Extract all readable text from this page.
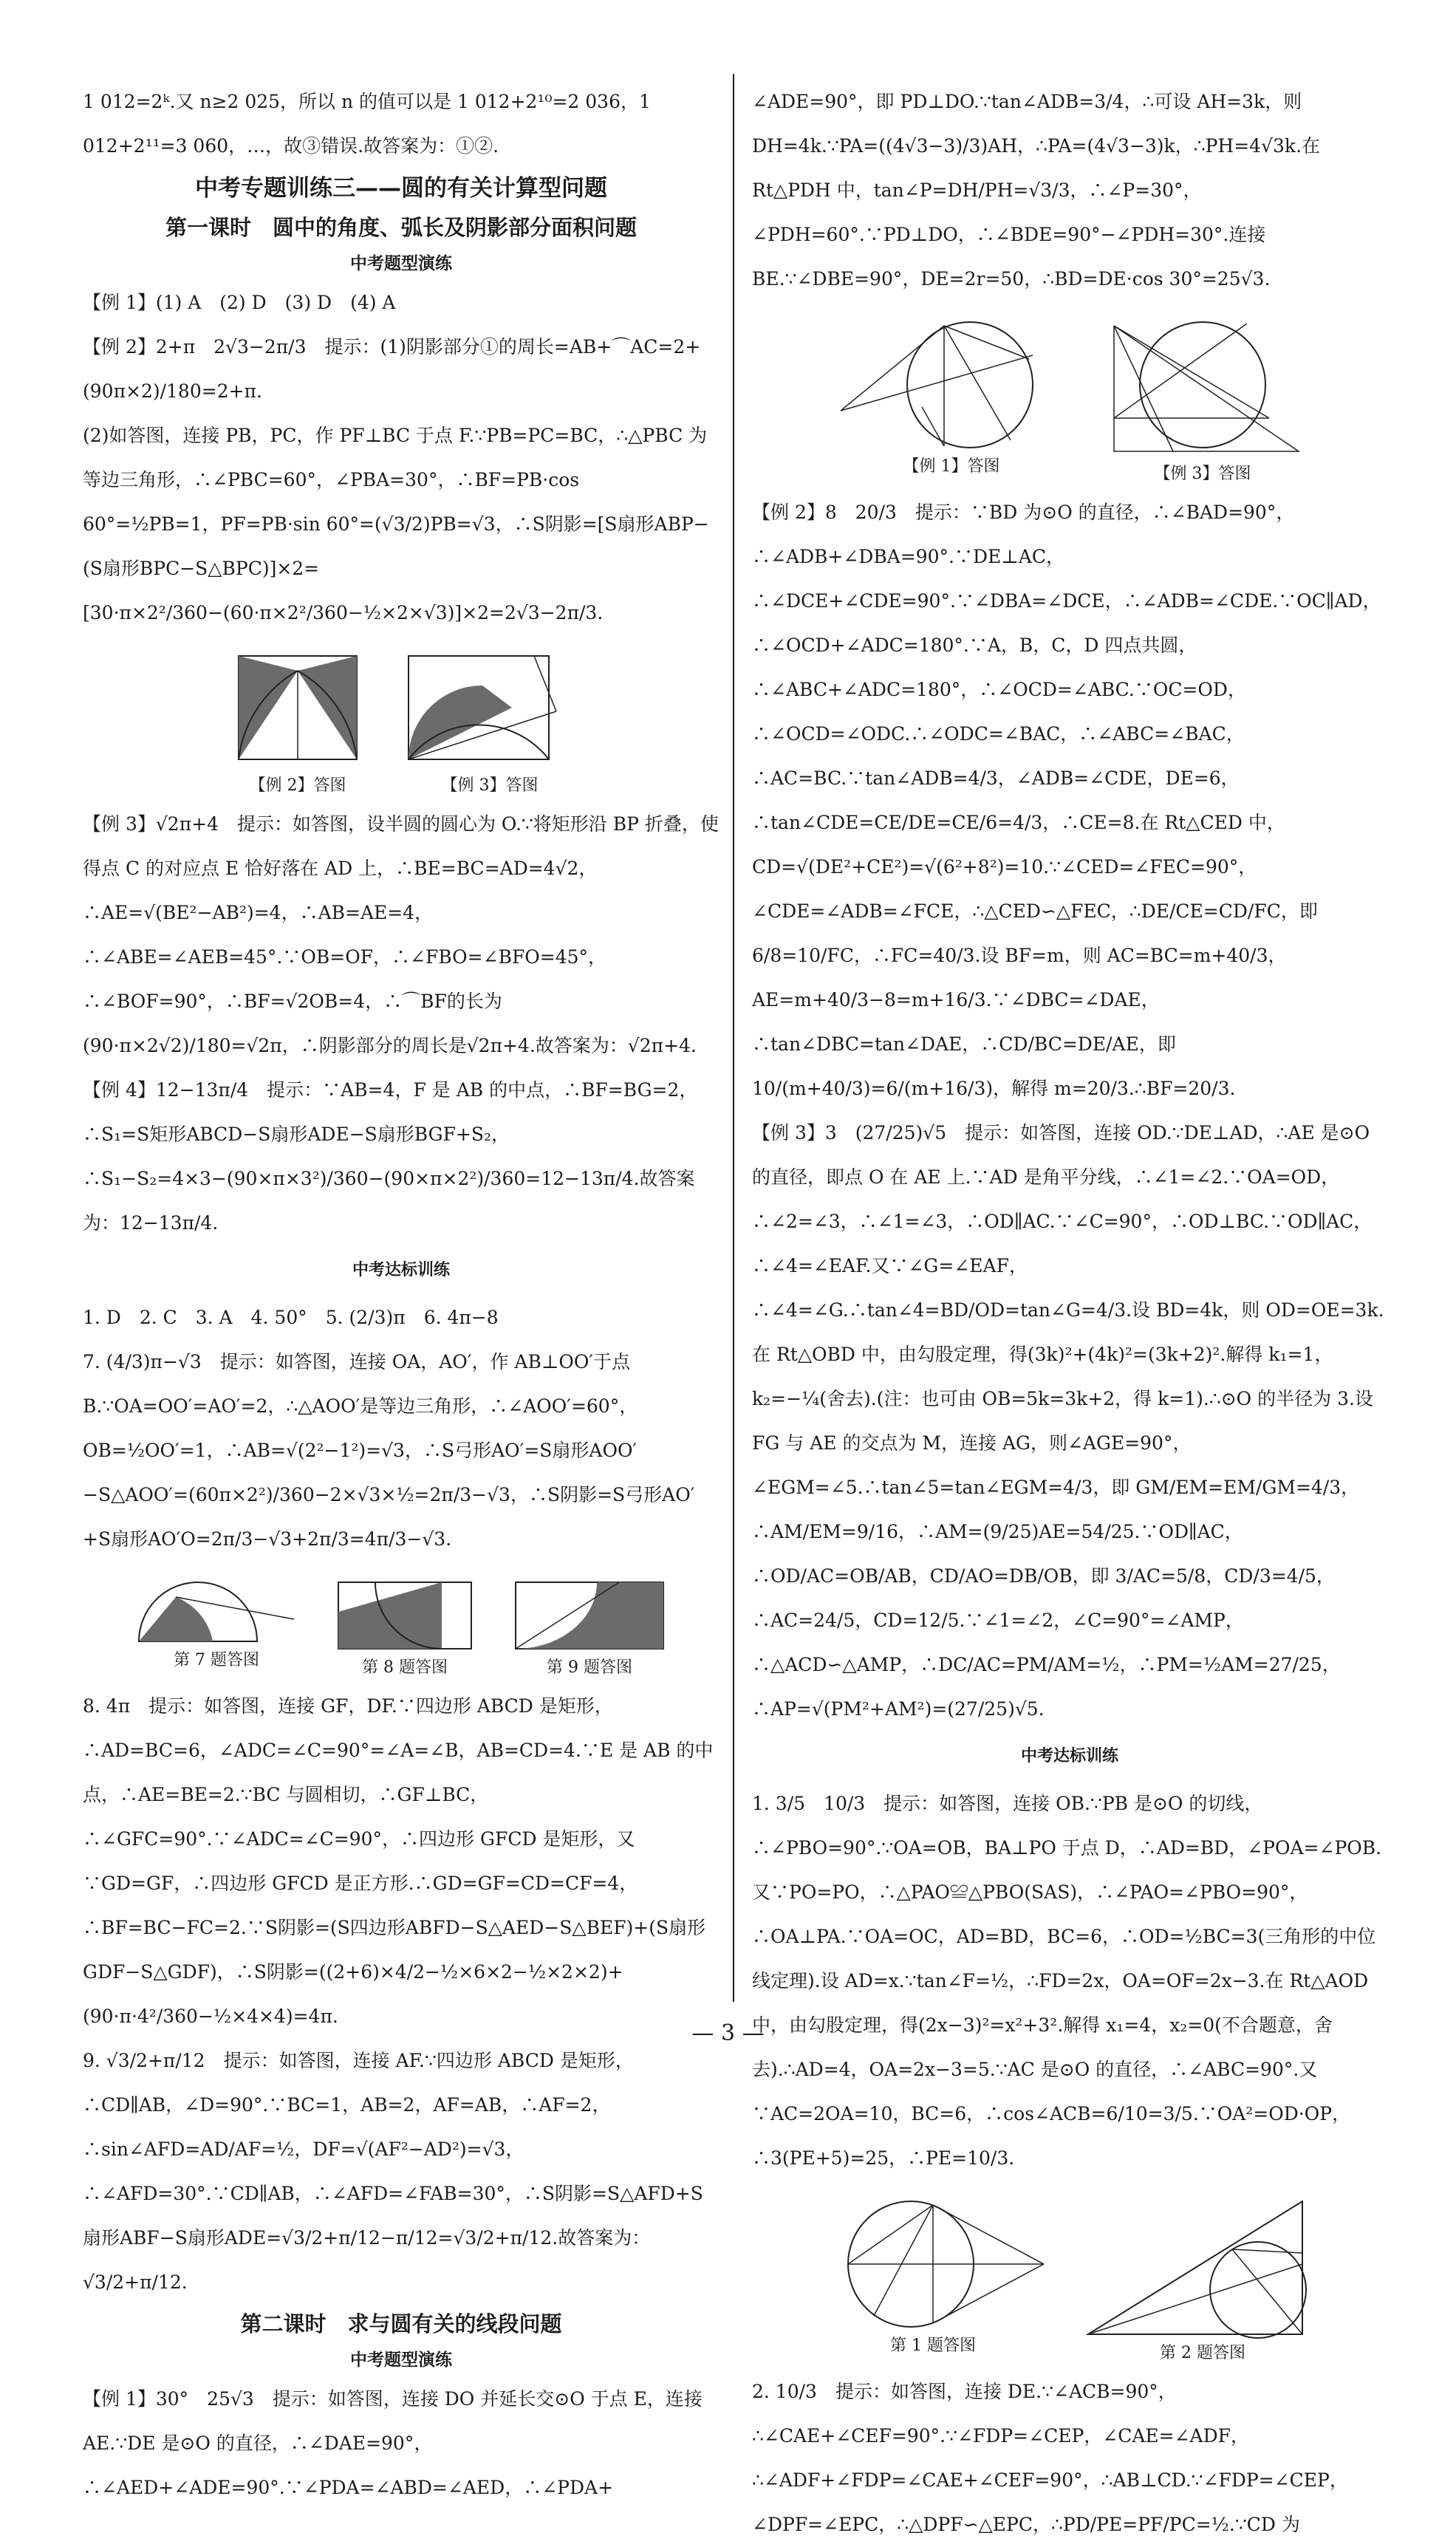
1 012=2ᵏ.又 n≥2 025，所以 n 的值可以是 1 012+2¹⁰=2 036，1 012+2¹¹=3 060，…，故③错误.故答案为：①②.

中考专题训练三——圆的有关计算型问题
第一课时　圆中的角度、弧长及阴影部分面积问题
中考题型演练

【例 1】(1) A　(2) D　(3) D　(4) A

【例 2】2+π　2√3−2π/3　提示：(1)阴影部分①的周长=AB+⌒AC=2+(90π×2)/180=2+π.

(2)如答图，连接 PB，PC，作 PF⊥BC 于点 F.∵PB=PC=BC，∴△PBC 为等边三角形，∴∠PBC=60°，∠PBA=30°，∴BF=PB·cos 60°=½PB=1，PF=PB·sin 60°=(√3/2)PB=√3，∴S阴影=[S扇形ABP−(S扇形BPC−S△BPC)]×2=[30·π×2²/360−(60·π×2²/360−½×2×√3)]×2=2√3−2π/3.

【例 2】答图	【例 3】答图

【例 3】√2π+4　提示：如答图，设半圆的圆心为 O.∵将矩形沿 BP 折叠，使得点 C 的对应点 E 恰好落在 AD 上，∴BE=BC=AD=4√2，∴AE=√(BE²−AB²)=4，∴AB=AE=4，∴∠ABE=∠AEB=45°.∵OB=OF，∴∠FBO=∠BFO=45°，∴∠BOF=90°，∴BF=√2OB=4，∴⌒BF的长为(90·π×2√2)/180=√2π，∴阴影部分的周长是√2π+4.故答案为：√2π+4.

【例 4】12−13π/4　提示：∵AB=4，F 是 AB 的中点，∴BF=BG=2，∴S₁=S矩形ABCD−S扇形ADE−S扇形BGF+S₂，∴S₁−S₂=4×3−(90×π×3²)/360−(90×π×2²)/360=12−13π/4.故答案为：12−13π/4.

中考达标训练

1. D　2. C　3. A　4. 50°　5. (2/3)π　6. 4π−8

7. (4/3)π−√3　提示：如答图，连接 OA，AO′，作 AB⊥OO′于点 B.∵OA=OO′=AO′=2，∴△AOO′是等边三角形，∴∠AOO′=60°，OB=½OO′=1，∴AB=√(2²−1²)=√3，∴S弓形AO′=S扇形AOO′−S△AOO′=(60π×2²)/360−2×√3×½=2π/3−√3，∴S阴影=S弓形AO′+S扇形AO′O=2π/3−√3+2π/3=4π/3−√3.

第 7 题答图	第 8 题答图	第 9 题答图

8. 4π　提示：如答图，连接 GF，DF.∵四边形 ABCD 是矩形，∴AD=BC=6，∠ADC=∠C=90°=∠A=∠B，AB=CD=4.∵E 是 AB 的中点，∴AE=BE=2.∵BC 与圆相切，∴GF⊥BC，∴∠GFC=90°.∵∠ADC=∠C=90°，∴四边形 GFCD 是矩形，又∵GD=GF，∴四边形 GFCD 是正方形.∴GD=GF=CD=CF=4，∴BF=BC−FC=2.∵S阴影=(S四边形ABFD−S△AED−S△BEF)+(S扇形GDF−S△GDF)，∴S阴影=((2+6)×4/2−½×6×2−½×2×2)+(90·π·4²/360−½×4×4)=4π.

9. √3/2+π/12　提示：如答图，连接 AF.∵四边形 ABCD 是矩形，∴CD∥AB，∠D=90°.∵BC=1，AB=2，AF=AB，∴AF=2，∴sin∠AFD=AD/AF=½，DF=√(AF²−AD²)=√3，∴∠AFD=30°.∵CD∥AB，∴∠AFD=∠FAB=30°，∴S阴影=S△AFD+S扇形ABF−S扇形ADE=√3/2+π/12−π/12=√3/2+π/12.故答案为：√3/2+π/12.

第二课时　求与圆有关的线段问题
中考题型演练

【例 1】30°　25√3　提示：如答图，连接 DO 并延长交⊙O 于点 E，连接 AE.∵DE 是⊙O 的直径，∴∠DAE=90°，∴∠AED+∠ADE=90°.∵∠PDA=∠ABD=∠AED，∴∠PDA+

∠ADE=90°，即 PD⊥DO.∵tan∠ADB=3/4，∴可设 AH=3k，则 DH=4k.∵PA=((4√3−3)/3)AH，∴PA=(4√3−3)k，∴PH=4√3k.在 Rt△PDH 中，tan∠P=DH/PH=√3/3，∴∠P=30°，∠PDH=60°.∵PD⊥DO，∴∠BDE=90°−∠PDH=30°.连接 BE.∵∠DBE=90°，DE=2r=50，∴BD=DE·cos 30°=25√3.

【例 1】答图	【例 3】答图

【例 2】8　20/3　提示：∵BD 为⊙O 的直径，∴∠BAD=90°，∴∠ADB+∠DBA=90°.∵DE⊥AC，∴∠DCE+∠CDE=90°.∵∠DBA=∠DCE，∴∠ADB=∠CDE.∵OC∥AD，∴∠OCD+∠ADC=180°.∵A，B，C，D 四点共圆，∴∠ABC+∠ADC=180°，∴∠OCD=∠ABC.∵OC=OD，∴∠OCD=∠ODC.∴∠ODC=∠BAC，∴∠ABC=∠BAC，∴AC=BC.∵tan∠ADB=4/3，∠ADB=∠CDE，DE=6，∴tan∠CDE=CE/DE=CE/6=4/3，∴CE=8.在 Rt△CED 中，CD=√(DE²+CE²)=√(6²+8²)=10.∵∠CED=∠FEC=90°，∠CDE=∠ADB=∠FCE，∴△CED∽△FEC，∴DE/CE=CD/FC，即 6/8=10/FC，∴FC=40/3.设 BF=m，则 AC=BC=m+40/3，AE=m+40/3−8=m+16/3.∵∠DBC=∠DAE，∴tan∠DBC=tan∠DAE，∴CD/BC=DE/AE，即 10/(m+40/3)=6/(m+16/3)，解得 m=20/3.∴BF=20/3.

【例 3】3　(27/25)√5　提示：如答图，连接 OD.∵DE⊥AD，∴AE 是⊙O 的直径，即点 O 在 AE 上.∵AD 是角平分线，∴∠1=∠2.∵OA=OD，∴∠2=∠3，∴∠1=∠3，∴OD∥AC.∵∠C=90°，∴OD⊥BC.∵OD∥AC，∴∠4=∠EAF.又∵∠G=∠EAF，∴∠4=∠G.∴tan∠4=BD/OD=tan∠G=4/3.设 BD=4k，则 OD=OE=3k.在 Rt△OBD 中，由勾股定理，得(3k)²+(4k)²=(3k+2)².解得 k₁=1，k₂=−¼(舍去).(注：也可由 OB=5k=3k+2，得 k=1).∴⊙O 的半径为 3.设 FG 与 AE 的交点为 M，连接 AG，则∠AGE=90°，∠EGM=∠5.∴tan∠5=tan∠EGM=4/3，即 GM/EM=EM/GM=4/3，∴AM/EM=9/16，∴AM=(9/25)AE=54/25.∵OD∥AC，∴OD/AC=OB/AB，CD/AO=DB/OB，即 3/AC=5/8，CD/3=4/5，∴AC=24/5，CD=12/5.∵∠1=∠2，∠C=90°=∠AMP，∴△ACD∽△AMP，∴DC/AC=PM/AM=½，∴PM=½AM=27/25，∴AP=√(PM²+AM²)=(27/25)√5.

中考达标训练

1. 3/5　10/3　提示：如答图，连接 OB.∵PB 是⊙O 的切线，∴∠PBO=90°.∵OA=OB，BA⊥PO 于点 D，∴AD=BD，∠POA=∠POB.又∵PO=PO，∴△PAO≌△PBO(SAS)，∴∠PAO=∠PBO=90°，∴OA⊥PA.∵OA=OC，AD=BD，BC=6，∴OD=½BC=3(三角形的中位线定理).设 AD=x.∵tan∠F=½，∴FD=2x，OA=OF=2x−3.在 Rt△AOD 中，由勾股定理，得(2x−3)²=x²+3².解得 x₁=4，x₂=0(不合题意，舍去).∴AD=4，OA=2x−3=5.∵AC 是⊙O 的直径，∴∠ABC=90°.又∵AC=2OA=10，BC=6，∴cos∠ACB=6/10=3/5.∵OA²=OD·OP，∴3(PE+5)=25，∴PE=10/3.

第 1 题答图	第 2 题答图

2. 10/3　提示：如答图，连接 DE.∵∠ACB=90°，∴∠CAE+∠CEF=90°.∵∠FDP=∠CEP，∠CAE=∠ADF，∴∠ADF+∠FDP=∠CAE+∠CEF=90°，∴AB⊥CD.∵∠FDP=∠CEP，∠DPF=∠EPC，∴△DPF∽△EPC，∴PD/PE=PF/PC=½.∵CD 为

— 3 —
